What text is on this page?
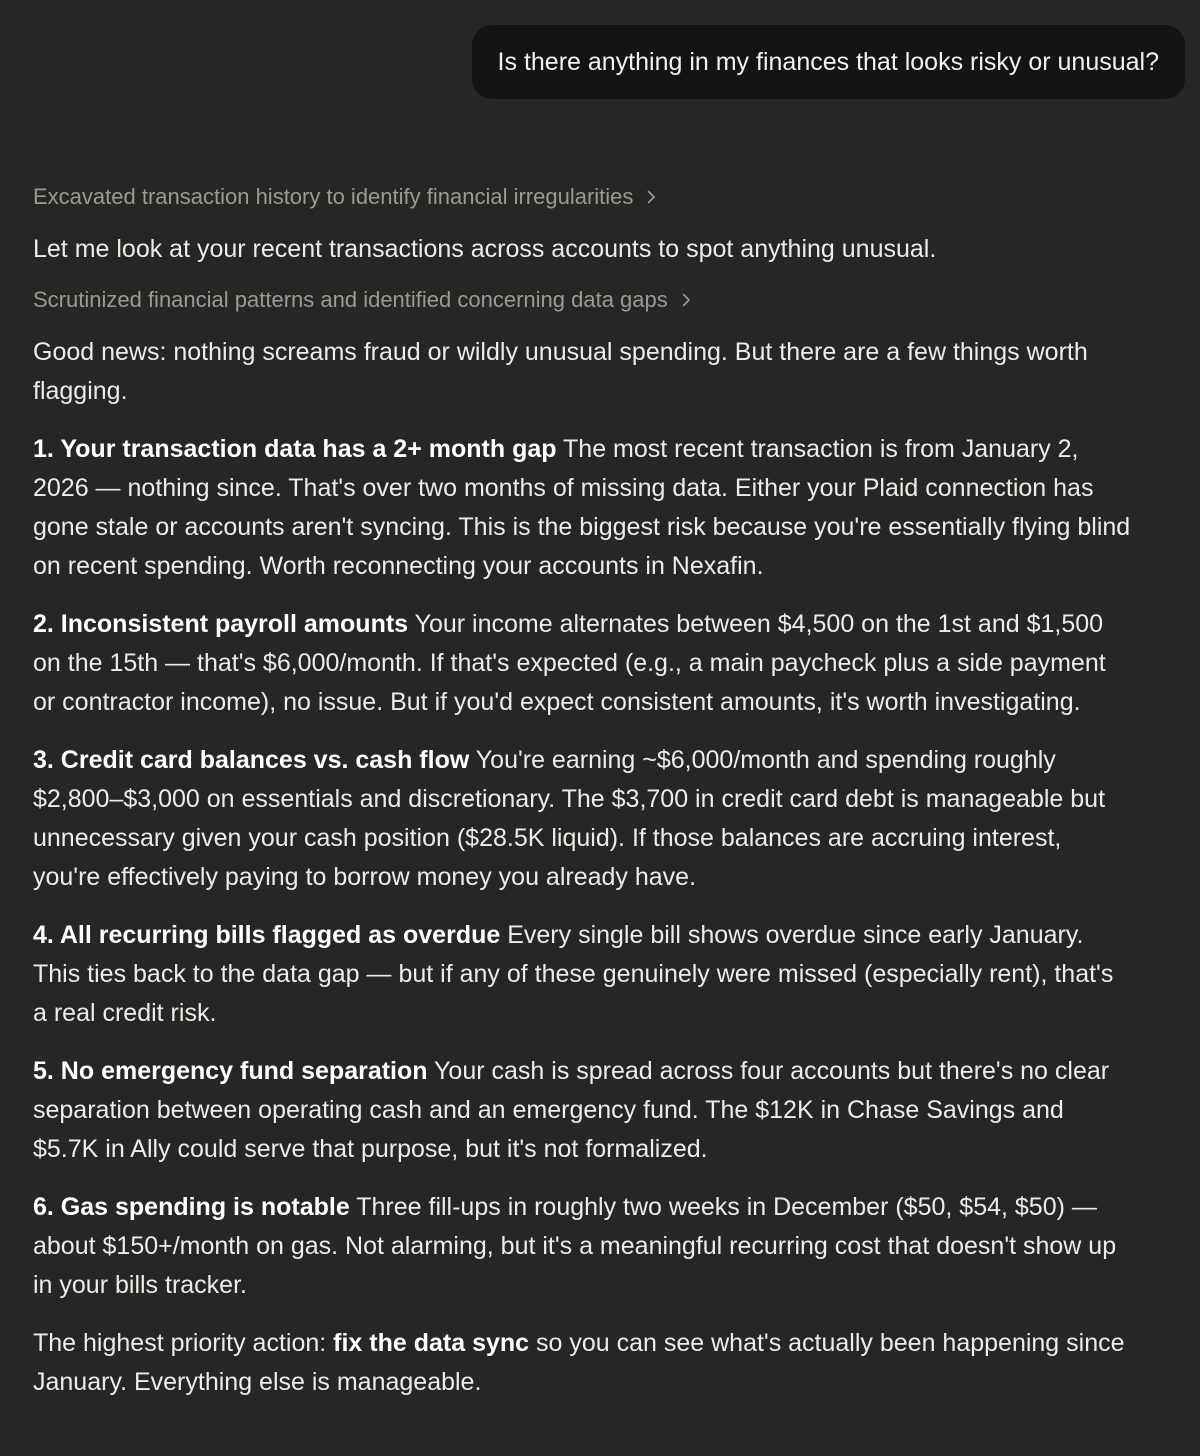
Is there anything in my finances that looks risky or unusual?
Excavated transaction history to identify financial irregularities

Let me look at your recent transactions across accounts to spot anything unusual.

Scrutinized financial patterns and identified concerning data gaps

Good news: nothing screams fraud or wildly unusual spending. But there are a few things worth flagging.

1. Your transaction data has a 2+ month gap The most recent transaction is from January 2, 2026 — nothing since. That's over two months of missing data. Either your Plaid connection has gone stale or accounts aren't syncing. This is the biggest risk because you're essentially flying blind on recent spending. Worth reconnecting your accounts in Nexafin.

2. Inconsistent payroll amounts Your income alternates between $4,500 on the 1st and $1,500 on the 15th — that's $6,000/month. If that's expected (e.g., a main paycheck plus a side payment or contractor income), no issue. But if you'd expect consistent amounts, it's worth investigating.

3. Credit card balances vs. cash flow You're earning ~$6,000/month and spending roughly $2,800–$3,000 on essentials and discretionary. The $3,700 in credit card debt is manageable but unnecessary given your cash position ($28.5K liquid). If those balances are accruing interest, you're effectively paying to borrow money you already have.

4. All recurring bills flagged as overdue Every single bill shows overdue since early January. This ties back to the data gap — but if any of these genuinely were missed (especially rent), that's a real credit risk.

5. No emergency fund separation Your cash is spread across four accounts but there's no clear separation between operating cash and an emergency fund. The $12K in Chase Savings and $5.7K in Ally could serve that purpose, but it's not formalized.

6. Gas spending is notable Three fill-ups in roughly two weeks in December ($50, $54, $50) — about $150+/month on gas. Not alarming, but it's a meaningful recurring cost that doesn't show up in your bills tracker.

The highest priority action: fix the data sync so you can see what's actually been happening since January. Everything else is manageable.
